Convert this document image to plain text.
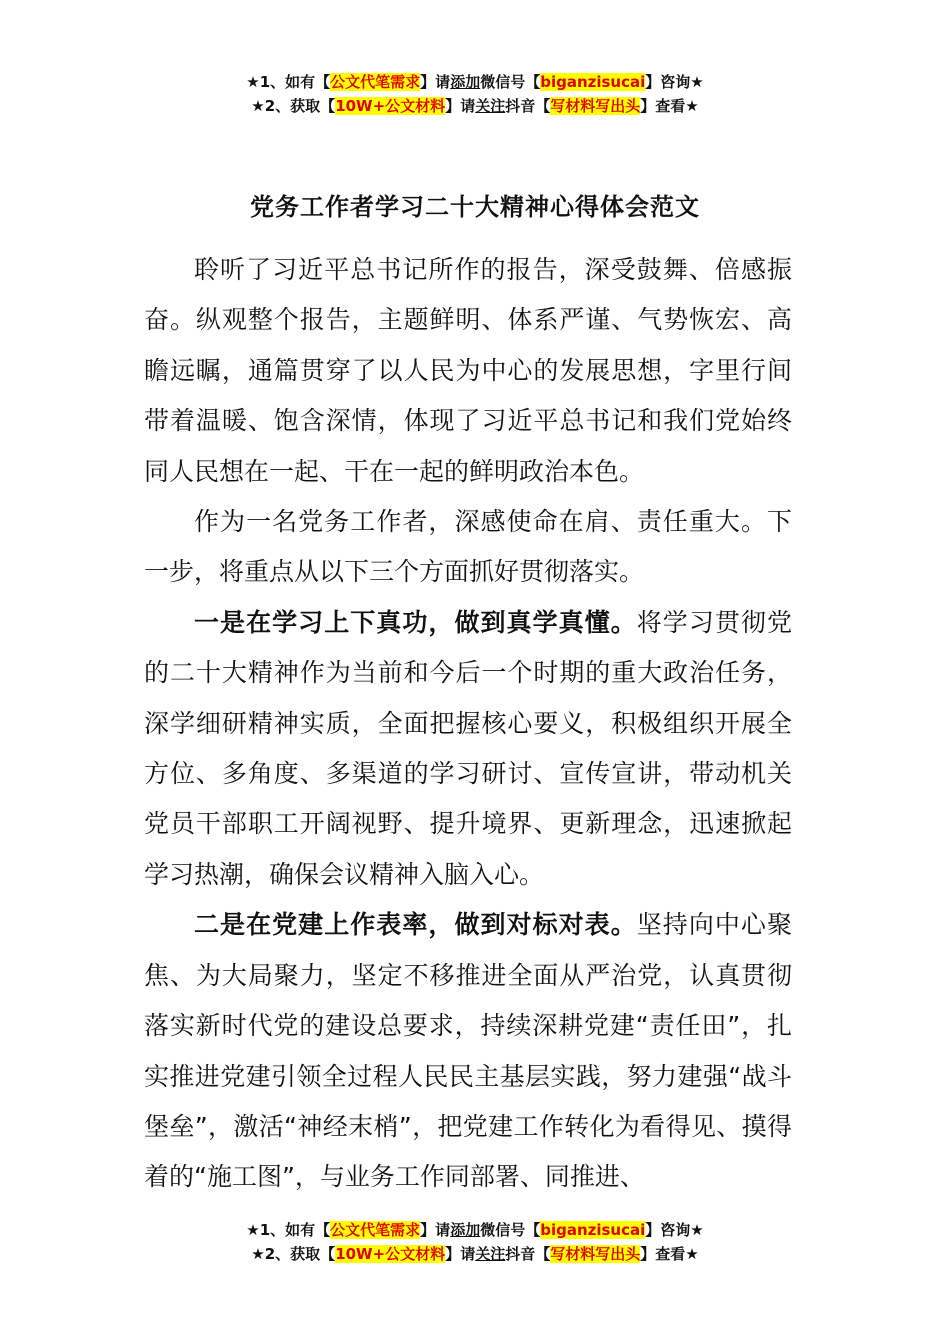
★1、如有【公文代笔需求】请添加微信号【biganzisucai】咨询★
★2、获取【10W+公文材料】请关注抖音【写材料写出头】查看★
党务工作者学习二十大精神心得体会范文

聆听了习近平总书记所作的报告，深受鼓舞、倍感振奋。纵观整个报告，主题鲜明、体系严谨、气势恢宏、高瞻远瞩，通篇贯穿了以人民为中心的发展思想，字里行间带着温暖、饱含深情，体现了习近平总书记和我们党始终同人民想在一起、干在一起的鲜明政治本色。

作为一名党务工作者，深感使命在肩、责任重大。下一步，将重点从以下三个方面抓好贯彻落实。

一是在学习上下真功，做到真学真懂。将学习贯彻党的二十大精神作为当前和今后一个时期的重大政治任务，深学细研精神实质，全面把握核心要义，积极组织开展全方位、多角度、多渠道的学习研讨、宣传宣讲，带动机关党员干部职工开阔视野、提升境界、更新理念，迅速掀起学习热潮，确保会议精神入脑入心。

二是在党建上作表率，做到对标对表。坚持向中心聚焦、为大局聚力，坚定不移推进全面从严治党，认真贯彻落实新时代党的建设总要求，持续深耕党建“责任田”，扎实推进党建引领全过程人民民主基层实践，努力建强“战斗堡垒”，激活“神经末梢”，把党建工作转化为看得见、摸得着的“施工图”，与业务工作同部署、同推进、

★1、如有【公文代笔需求】请添加微信号【biganzisucai】咨询★
★2、获取【10W+公文材料】请关注抖音【写材料写出头】查看★
